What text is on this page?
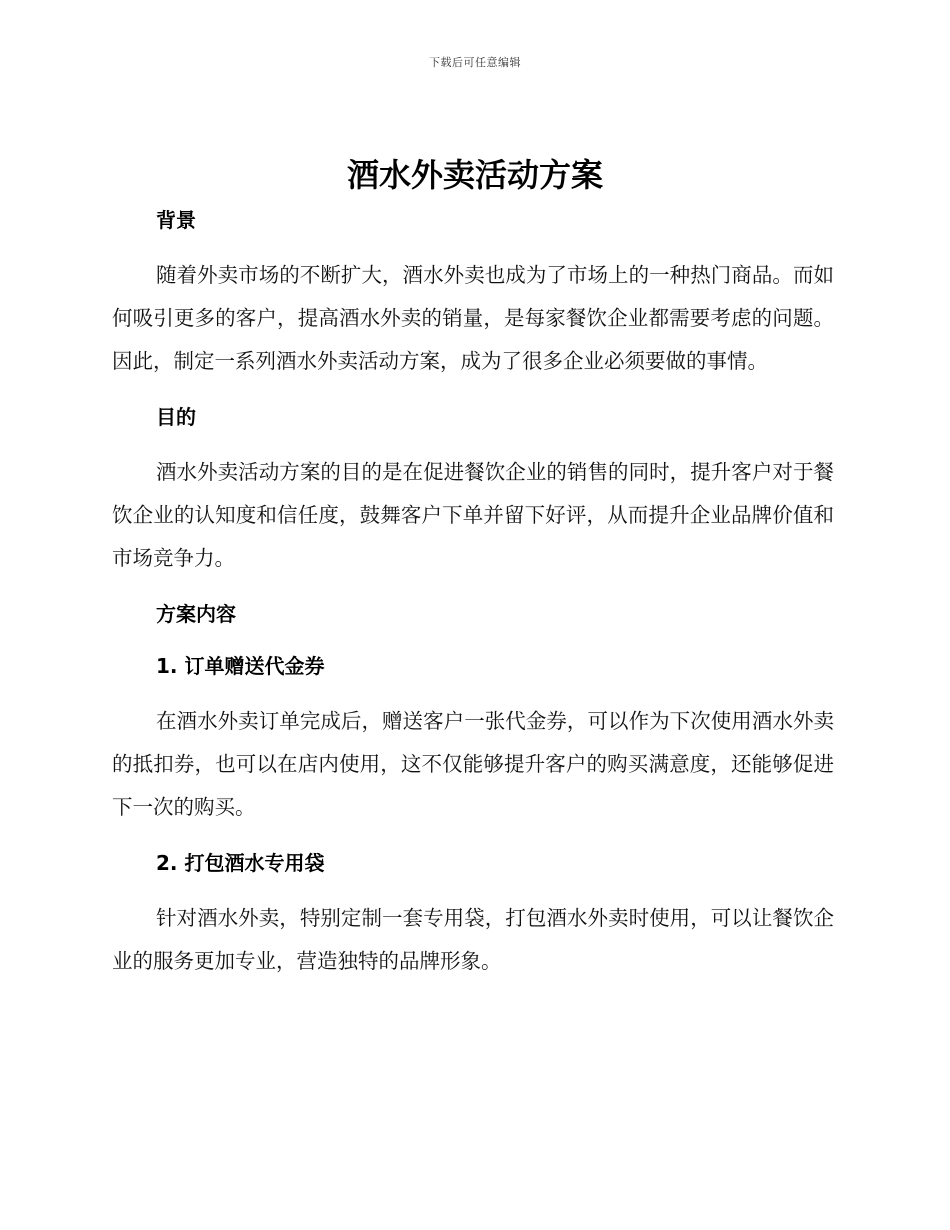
下载后可任意编辑
酒水外卖活动方案
背景

随着外卖市场的不断扩大，酒水外卖也成为了市场上的一种热门商品。而如何吸引更多的客户，提高酒水外卖的销量，是每家餐饮企业都需要考虑的问题。因此，制定一系列酒水外卖活动方案，成为了很多企业必须要做的事情。

目的

酒水外卖活动方案的目的是在促进餐饮企业的销售的同时，提升客户对于餐饮企业的认知度和信任度，鼓舞客户下单并留下好评，从而提升企业品牌价值和市场竞争力。

方案内容
1. 订单赠送代金券

在酒水外卖订单完成后，赠送客户一张代金券，可以作为下次使用酒水外卖的抵扣券，也可以在店内使用，这不仅能够提升客户的购买满意度，还能够促进下一次的购买。

2. 打包酒水专用袋

针对酒水外卖，特别定制一套专用袋，打包酒水外卖时使用，可以让餐饮企业的服务更加专业，营造独特的品牌形象。
